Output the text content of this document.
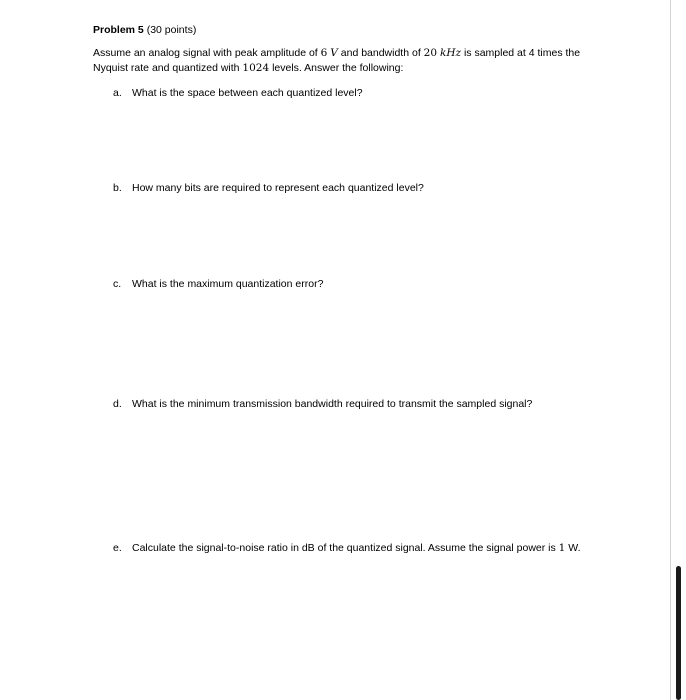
Problem 5 (30 points)
Assume an analog signal with peak amplitude of 6 V and bandwidth of 20 kHz is sampled at 4 times the
Nyquist rate and quantized with 1024 levels. Answer the following:
a. What is the space between each quantized level?
b. How many bits are required to represent each quantized level?
c. What is the maximum quantization error?
d. What is the minimum transmission bandwidth required to transmit the sampled signal?
e. Calculate the signal-to-noise ratio in dB of the quantized signal. Assume the signal power is 1 W.
